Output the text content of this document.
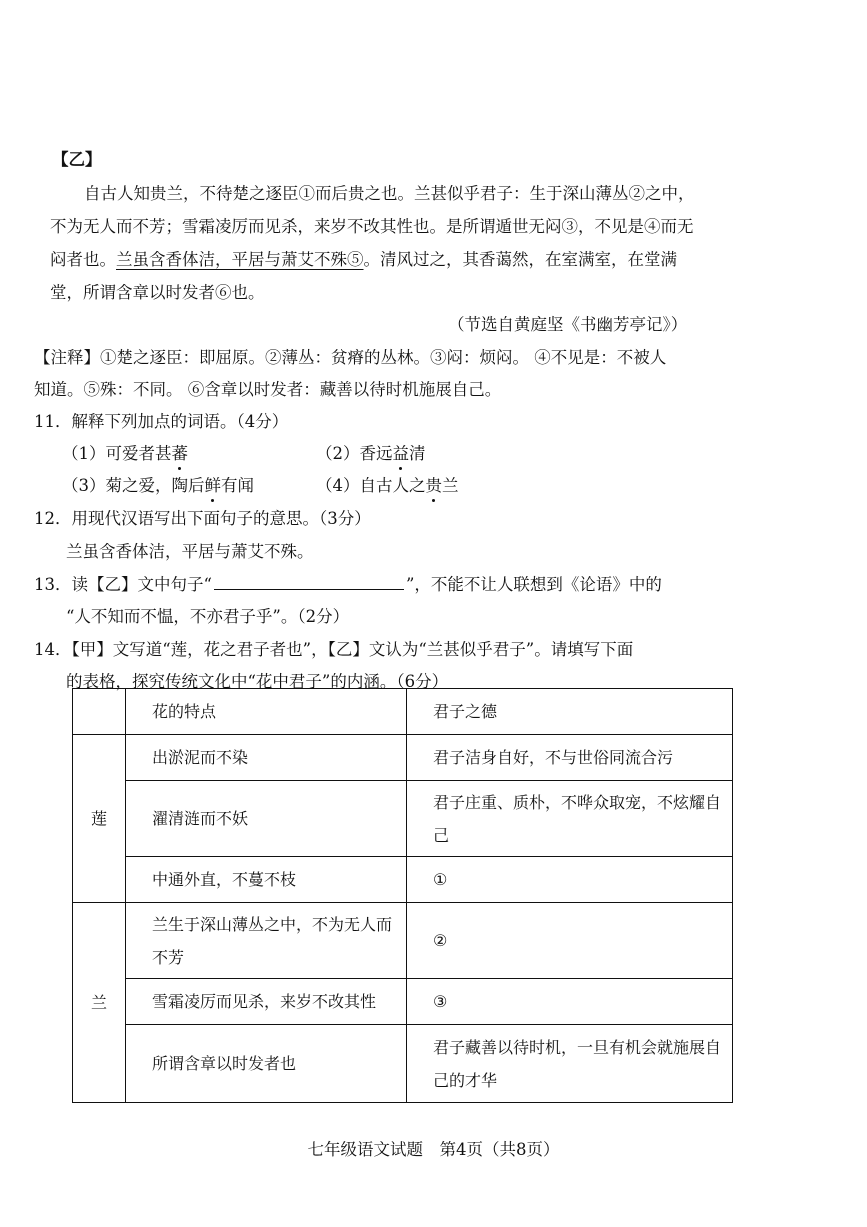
【乙】
自古人知贵兰，不待楚之逐臣①而后贵之也。兰甚似乎君子：生于深山薄丛②之中，
不为无人而不芳；雪霜凌厉而见杀，来岁不改其性也。是所谓遁世无闷③，不见是④而无
闷者也。兰虽含香体洁，平居与萧艾不殊⑤。清风过之，其香蔼然，在室满室，在堂满
堂，所谓含章以时发者⑥也。
（节选自黄庭坚《书幽芳亭记》）
【注释】①楚之逐臣：即屈原。②薄丛：贫瘠的丛林。③闷：烦闷。 ④不见是：不被人
知道。⑤殊：不同。 ⑥含章以时发者：藏善以待时机施展自己。
11．解释下列加点的词语。（4分）
（1）可爱者甚蕃	（2）香远益清
（3）菊之爱，陶后鲜有闻	（4）自古人之贵兰
12．用现代汉语写出下面句子的意思。（3分）
兰虽含香体洁，平居与萧艾不殊。
13．读【乙】文中句子“	”，不能不让人联想到《论语》中的
“人不知而不愠，不亦君子乎”。（2分）
14．【甲】文写道“莲，花之君子者也”，【乙】文认为“兰甚似乎君子”。请填写下面
的表格，探究传统文化中“花中君子”的内涵。（6分）
	花的特点	君子之德
莲	出淤泥而不染	君子洁身自好，不与世俗同流合污
	濯清涟而不妖	君子庄重、质朴，不哗众取宠，不炫耀自己
	中通外直，不蔓不枝	①
兰	兰生于深山薄丛之中，不为无人而不芳	②
	雪霜凌厉而见杀，来岁不改其性	③
	所谓含章以时发者也	君子藏善以待时机，一旦有机会就施展自己的才华
七年级语文试题　第4页（共8页）
